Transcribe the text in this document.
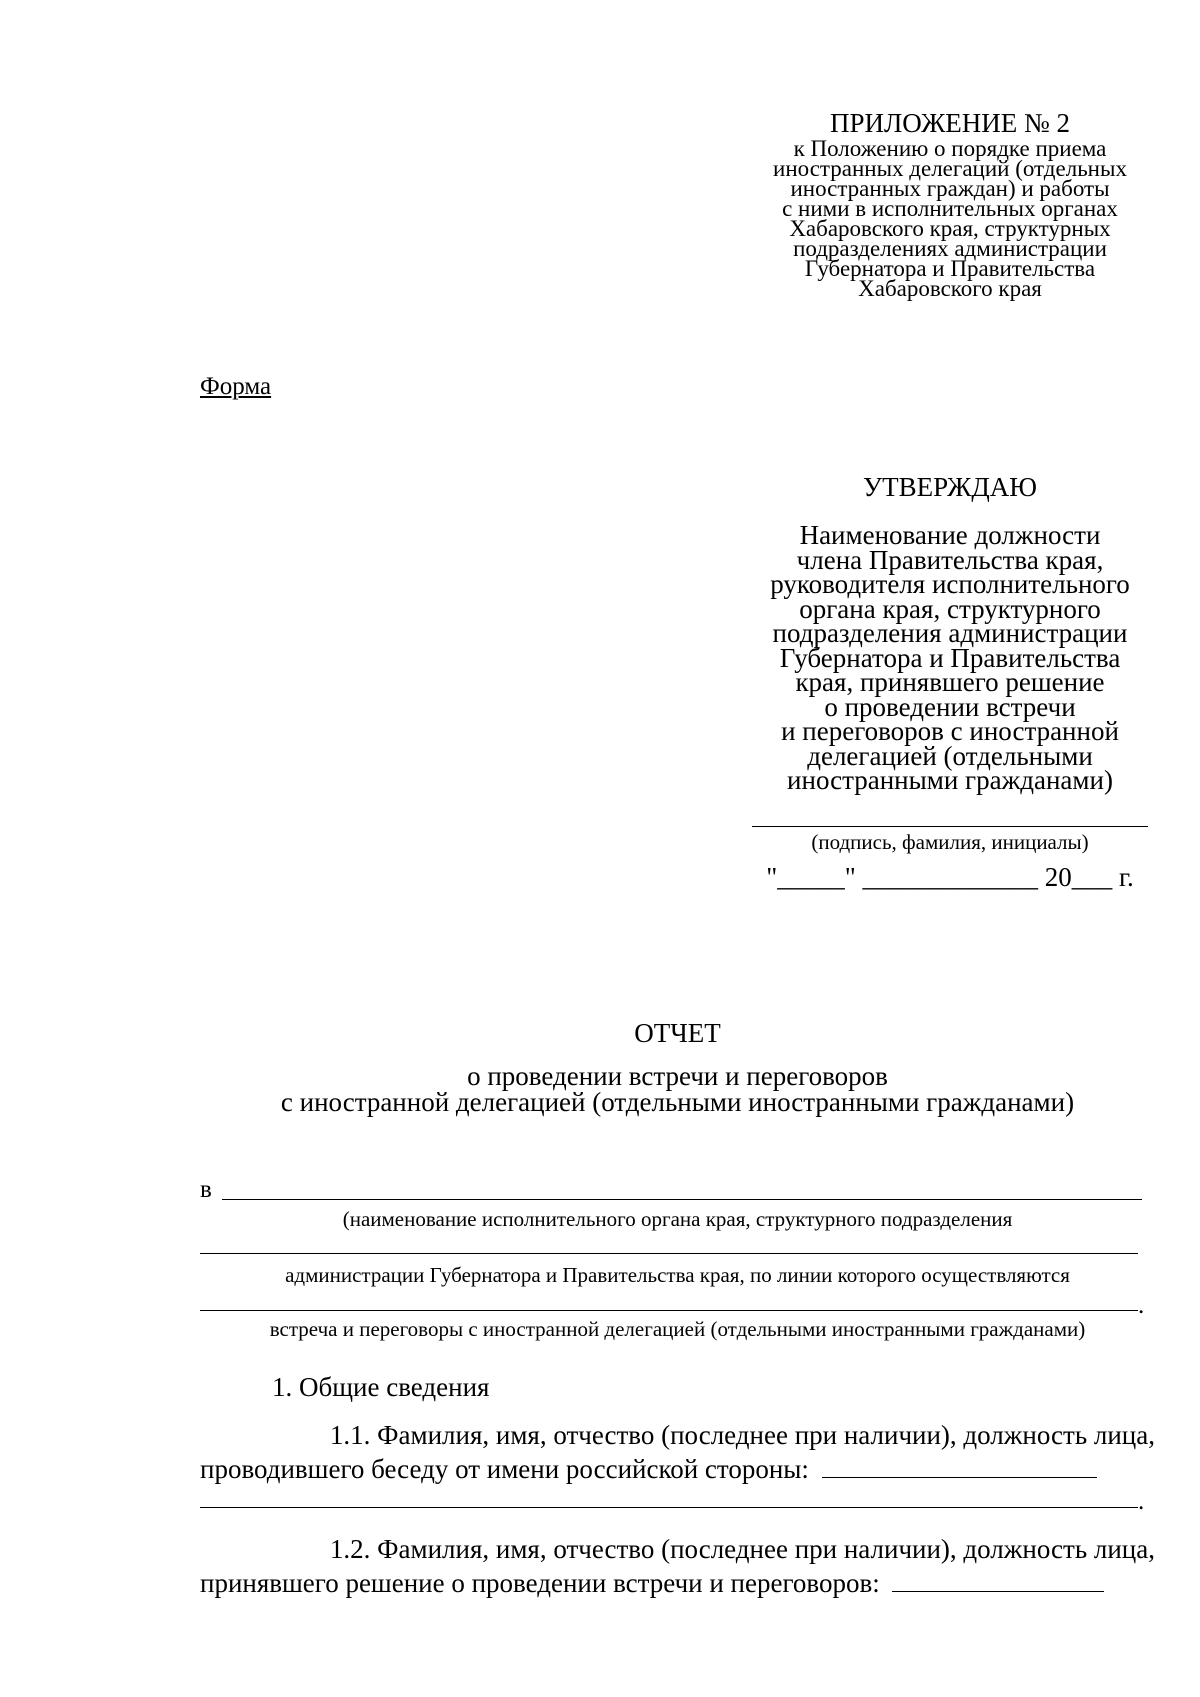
ПРИЛОЖЕНИЕ № 2

к Положению о порядке приема

иностранных делегаций (отдельных

иностранных граждан) и работы

с ними в исполнительных органах

Хабаровского края, структурных

подразделениях администрации

Губернатора и Правительства

Хабаровского края

Форма

УТВЕРЖДАЮ

Наименование должности

члена Правительства края,

руководителя исполнительного

органа края, структурного

подразделения администрации

Губернатора и Правительства

края, принявшего решение

о проведении встречи

и переговоров с иностранной

делегацией (отдельными

иностранными гражданами)

(подпись, фамилия, инициалы)

"_____" _____________ 20___ г.

ОТЧЕТ

о проведении встречи и переговоров

с иностранной делегацией (отдельными иностранными гражданами)

в

(наименование исполнительного органа края, структурного подразделения

администрации Губернатора и Правительства края, по линии которого осуществляются

.

встреча и переговоры с иностранной делегацией (отдельными иностранными гражданами)

1. Общие сведения

1.1. Фамилия, имя, отчество (последнее при наличии), должность лица,

проводившего беседу от имени российской стороны:

.

1.2. Фамилия, имя, отчество (последнее при наличии), должность лица,

принявшего решение о проведении встречи и переговоров:
